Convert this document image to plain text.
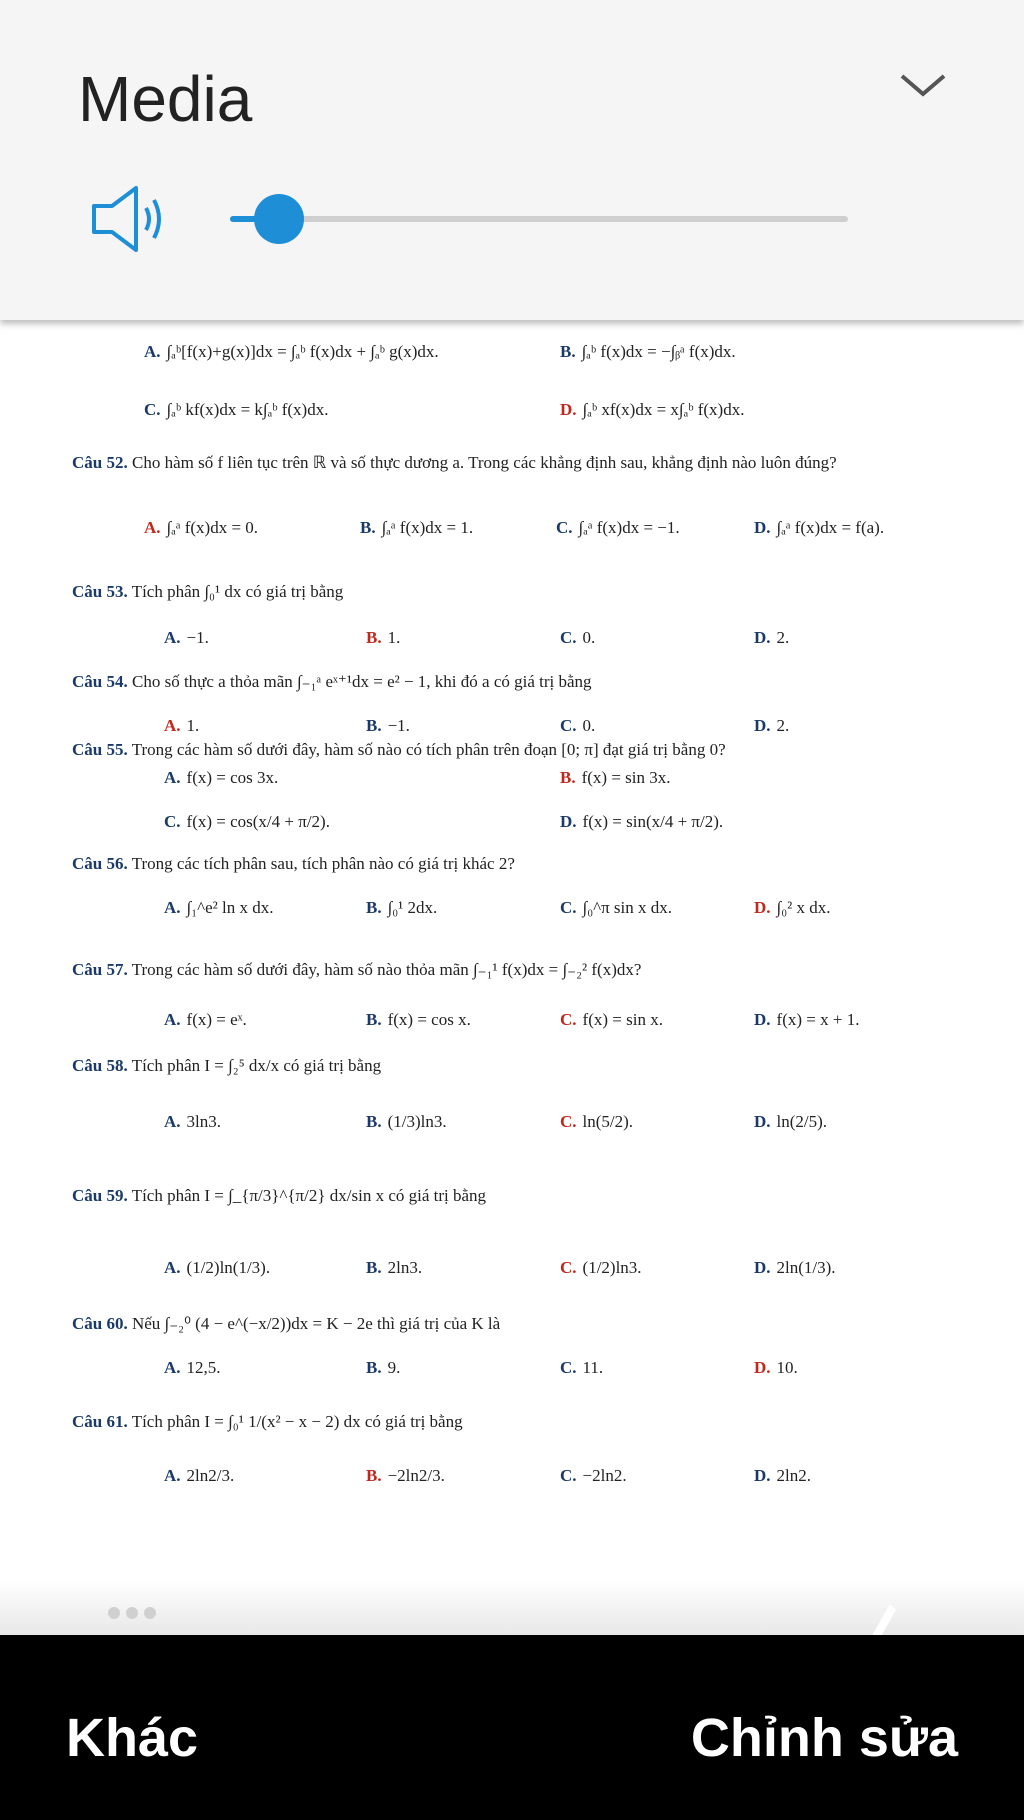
Media
A. ∫ₐᵇ[f(x)+g(x)]dx = ∫ₐᵇ f(x)dx + ∫ₐᵇ g(x)dx.	B. ∫ₐᵇ f(x)dx = −∫ᵦᵃ f(x)dx.
C. ∫ₐᵇ kf(x)dx = k∫ₐᵇ f(x)dx.	D. ∫ₐᵇ xf(x)dx = x∫ₐᵇ f(x)dx.
Câu 52. Cho hàm số f liên tục trên ℝ và số thực dương a. Trong các khẳng định sau, khẳng định nào luôn đúng?
A. ∫ₐᵃ f(x)dx = 0.	B. ∫ₐᵃ f(x)dx = 1.	C. ∫ₐᵃ f(x)dx = −1.	D. ∫ₐᵃ f(x)dx = f(a).
Câu 53. Tích phân ∫₀¹ dx có giá trị bằng
A. −1.	B. 1.	C. 0.	D. 2.
Câu 54. Cho số thực a thỏa mãn ∫₋₁ᵃ eˣ⁺¹dx = e² − 1, khi đó a có giá trị bằng
A. 1.	B. −1.	C. 0.	D. 2.
Câu 55. Trong các hàm số dưới đây, hàm số nào có tích phân trên đoạn [0; π] đạt giá trị bằng 0?
A. f(x) = cos 3x.	B. f(x) = sin 3x.
C. f(x) = cos(x/4 + π/2).	D. f(x) = sin(x/4 + π/2).
Câu 56. Trong các tích phân sau, tích phân nào có giá trị khác 2?
A. ∫₁^e² ln x dx.	B. ∫₀¹ 2dx.	C. ∫₀^π sin x dx.	D. ∫₀² x dx.
Câu 57. Trong các hàm số dưới đây, hàm số nào thỏa mãn ∫₋₁¹ f(x)dx = ∫₋₂² f(x)dx?
A. f(x) = eˣ.	B. f(x) = cos x.	C. f(x) = sin x.	D. f(x) = x + 1.
Câu 58. Tích phân I = ∫₂⁵ dx/x có giá trị bằng
A. 3ln3.	B. (1/3)ln3.	C. ln(5/2).	D. ln(2/5).
Câu 59. Tích phân I = ∫_{π/3}^{π/2} dx/sin x có giá trị bằng
A. (1/2)ln(1/3).	B. 2ln3.	C. (1/2)ln3.	D. 2ln(1/3).
Câu 60. Nếu ∫₋₂⁰ (4 − e^(−x/2))dx = K − 2e thì giá trị của K là
A. 12,5.	B. 9.	C. 11.	D. 10.
Câu 61. Tích phân I = ∫₀¹ 1/(x² − x − 2) dx có giá trị bằng
A. 2ln2/3.	B. −2ln2/3.	C. −2ln2.	D. 2ln2.
Khác	Chỉnh sửa
